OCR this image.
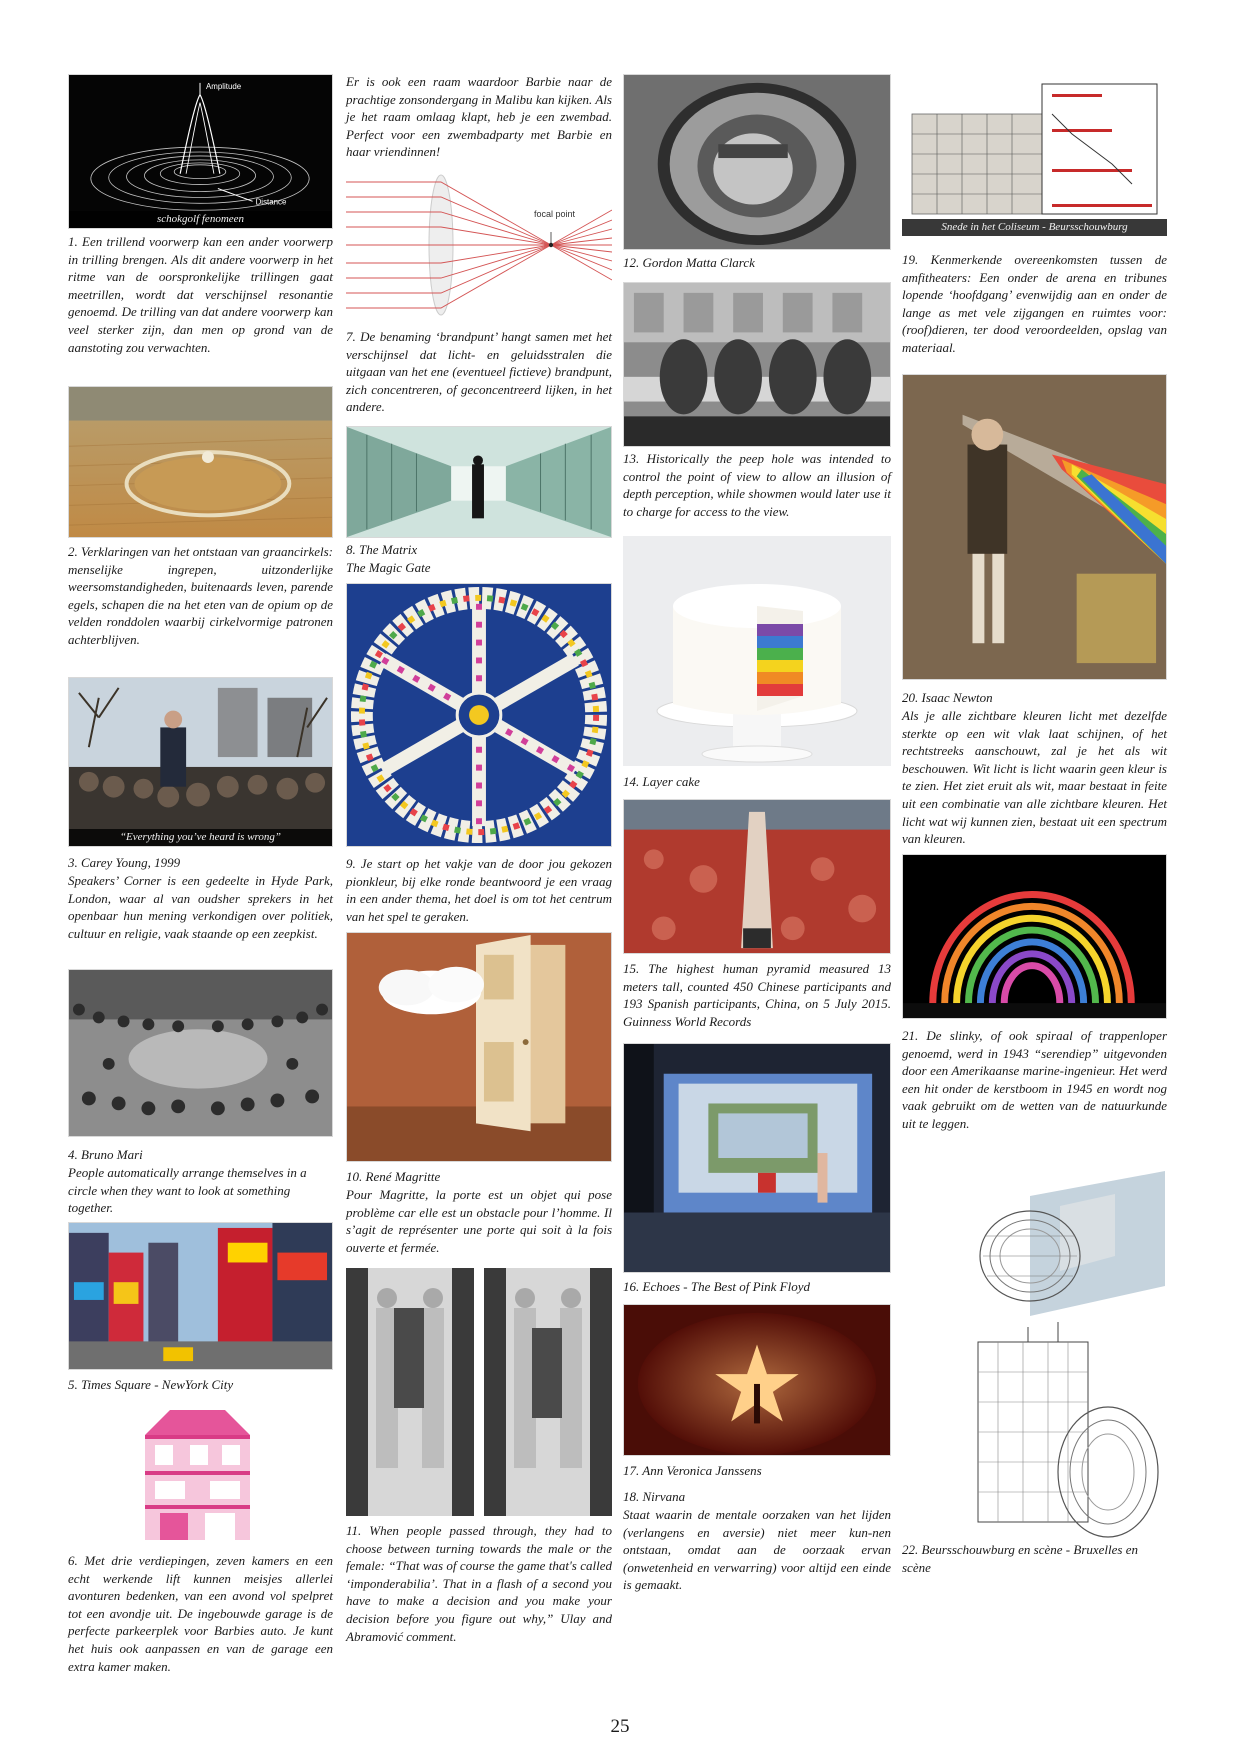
Amplitude
Distance
schokgolf fenomeen

1. Een trillend voorwerp kan een ander voorwerp in trilling brengen. Als dit andere voorwerp in het ritme van de oorspronkelijke trillingen gaat meetrillen, wordt dat verschijnsel resonantie genoemd. De trilling van dat andere voorwerp kan veel sterker zijn, dan men op grond van de aanstoting zou verwachten.

2. Verklaringen van het ontstaan van graancirkels: menselijke ingrepen, uitzonderlijke weersomstandigheden, buitenaards leven, parende egels, schapen die na het eten van de opium op de velden ronddolen waarbij cirkelvormige patronen achterblijven.

“Everything you’ve heard is wrong”

3. Carey Young, 1999

Speakers’ Corner is een gedeelte in Hyde Park, London, waar al van oudsher sprekers in het openbaar hun mening verkondigen over politiek, cultuur en religie, vaak staande op een zeepkist.

4. Bruno Mari

People automatically arrange themselves in a circle when they want to look at something together.

5. Times Square - NewYork City

6. Met drie verdiepingen, zeven kamers en een echt werkende lift kunnen meisjes allerlei avonturen bedenken, van een avond vol spelpret tot een avondje uit. De ingebouwde garage is de perfecte parkeerplek voor Barbies auto. Je kunt het huis ook aanpassen en van de garage een extra kamer maken.

Er is ook een raam waardoor Barbie naar de prachtige zonsondergang in Malibu kan kijken. Als je het raam omlaag klapt, heb je een zwembad. Perfect voor een zwembadparty met Barbie en haar vriendinnen!

focal point

7. De benaming ‘brandpunt’ hangt samen met het verschijnsel dat licht- en geluidsstralen die uitgaan van het ene (eventueel fictieve) brandpunt, zich concentreren, of geconcentreerd lijken, in het andere.

8. The Matrix

The Magic Gate

9. Je start op het vakje van de door jou gekozen pionkleur, bij elke ronde beantwoord je een vraag in een ander thema, het doel is om tot het centrum van het spel te geraken.

10. René Magritte

Pour Magritte, la porte est un objet qui pose problème car elle est un obstacle pour l’homme. Il s’agit de représenter une porte qui soit à la fois ouverte et fermée.

11. When people passed through, they had to choose between turning towards the male or the female: “That was of course the game that's called ‘imponderabilia’. That in a flash of a second you have to make a decision and you make your decision before you figure out why,” Ulay and Abramović comment.

12. Gordon Matta Clarck

13. Historically the peep hole was intended to control the point of view to allow an illusion of depth perception, while showmen would later use it to charge for access to the view.

14. Layer cake

15. The highest human pyramid measured 13 meters tall, counted 450 Chinese participants and 193 Spanish participants, China, on 5 July 2015. Guinness World Records

16. Echoes - The Best of Pink Floyd

17. Ann Veronica Janssens

18. Nirvana

Staat waarin de mentale oorzaken van het lijden (verlangens en aversie) niet meer kun-nen ontstaan, omdat aan de oorzaak ervan (onwetenheid en verwarring) voor altijd een einde is gemaakt.

Snede in het Coliseum - Beursschouwburg

19. Kenmerkende overeenkomsten tussen de amfitheaters: Een onder de arena en tribunes lopende ‘hoofdgang’ evenwijdig aan en onder de lange as met vele zijgangen en ruimtes voor: (roof)dieren, ter dood veroordeelden, opslag van materiaal.

20. Isaac Newton

Als je alle zichtbare kleuren licht met dezelfde sterkte op een wit vlak laat schijnen, of het rechtstreeks aanschouwt, zal je het als wit beschouwen. Wit licht is licht waarin geen kleur is te zien. Het ziet eruit als wit, maar bestaat in feite uit een combinatie van alle zichtbare kleuren. Het licht wat wij kunnen zien, bestaat uit een spectrum van kleuren.

21. De slinky, of ook spiraal of trappenloper genoemd, werd in 1943 “serendiep” uitgevonden door een Amerikaanse marine-ingenieur. Het werd een hit onder de kerstboom in 1945 en wordt nog vaak gebruikt om de wetten van de natuurkunde uit te leggen.

22. Beursschouwburg en scène - Bruxelles en scène

25
